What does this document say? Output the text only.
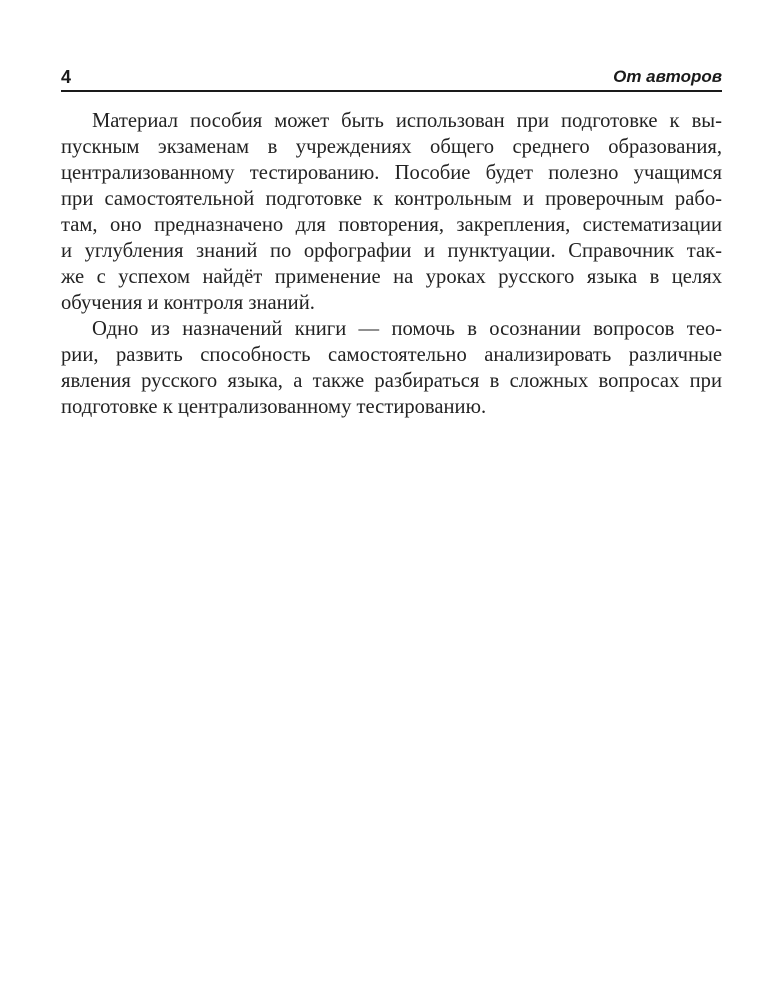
4	От авторов
Материал пособия может быть использован при подготовке к вы-
пускным экзаменам в учреждениях общего среднего образования,
централизованному тестированию. Пособие будет полезно учащимся
при самостоятельной подготовке к контрольным и проверочным рабо-
там, оно предназначено для повторения, закрепления, систематизации
и углубления знаний по орфографии и пунктуации. Справочник так-
же с успехом найдёт применение на уроках русского языка в целях
обучения и контроля знаний.
Одно из назначений книги — помочь в осознании вопросов тео-
рии, развить способность самостоятельно анализировать различные
явления русского языка, а также разбираться в сложных вопросах при
подготовке к централизованному тестированию.
